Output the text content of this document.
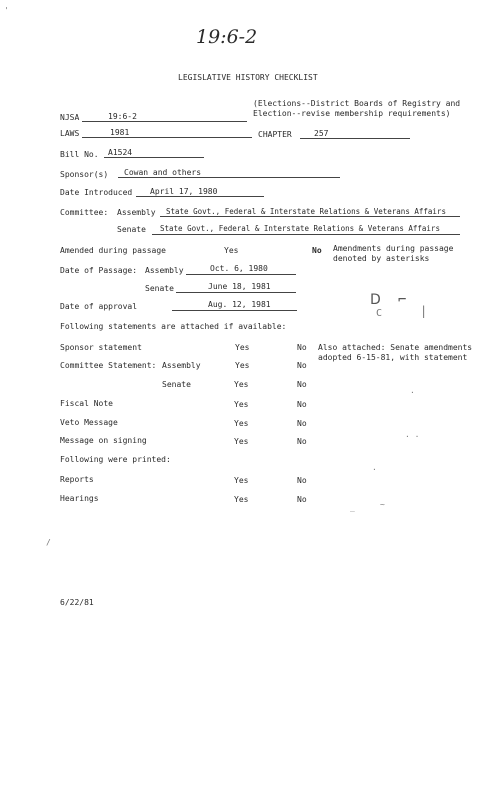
19:6-2
'
LEGISLATIVE HISTORY CHECKLIST
NJSA	19:6-2
(Elections--District Boards of Registry and
Election--revise membership requirements)
LAWS	1981	CHAPTER	257
Bill No. A1524
Sponsor(s) Cowan and others
Date Introduced April 17, 1980
Committee: Assembly State Govt., Federal & Interstate Relations & Veterans Affairs
Senate State Govt., Federal & Interstate Relations & Veterans Affairs
Amended during passage	Yes	No Amendments during passage
denoted by asterisks
Date of Passage: Assembly	Oct. 6, 1980
Senate	June 18, 1981
Date of approval	Aug. 12, 1981	D ⌐
C	|
Following statements are attached if available:
Sponsor statement	Yes	No Also attached: Senate amendments
adopted 6-15-81, with statement
Committee Statement: Assembly	Yes	No
Senate	Yes	No
Fiscal Note	Yes	No
Veto Message	Yes	No
Message on signing	Yes	No
Following were printed:
Reports	Yes	No
Hearings	Yes	No
·
· ·
·
~
‾
/
6/22/81
